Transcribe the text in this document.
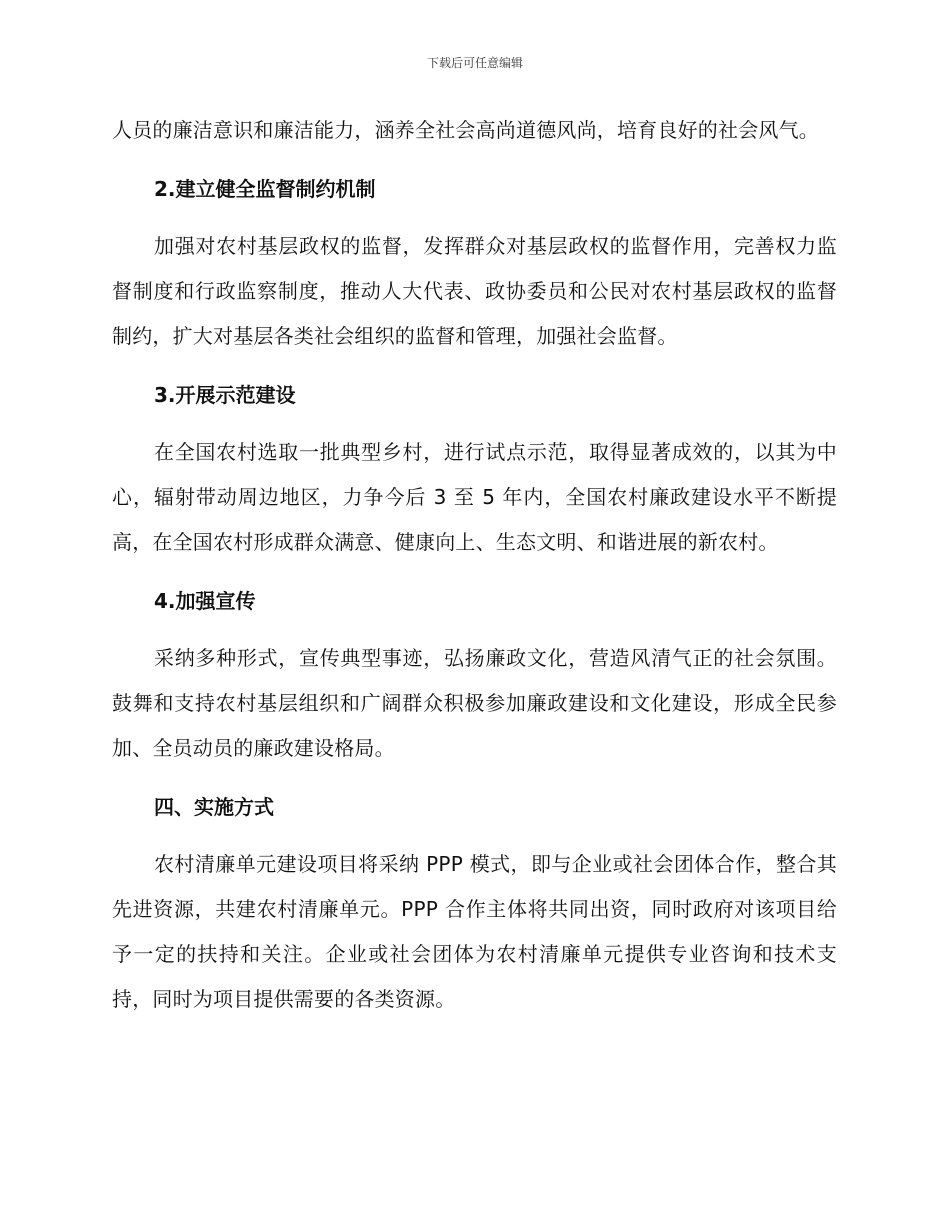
下载后可任意编辑

人员的廉洁意识和廉洁能力，涵养全社会高尚道德风尚，培育良好的社会风气。

2.建立健全监督制约机制

加强对农村基层政权的监督，发挥群众对基层政权的监督作用，完善权力监督制度和行政监察制度，推动人大代表、政协委员和公民对农村基层政权的监督制约，扩大对基层各类社会组织的监督和管理，加强社会监督。

3.开展示范建设

在全国农村选取一批典型乡村，进行试点示范，取得显著成效的，以其为中心，辐射带动周边地区，力争今后 3 至 5 年内，全国农村廉政建设水平不断提高，在全国农村形成群众满意、健康向上、生态文明、和谐进展的新农村。

4.加强宣传

采纳多种形式，宣传典型事迹，弘扬廉政文化，营造风清气正的社会氛围。鼓舞和支持农村基层组织和广阔群众积极参加廉政建设和文化建设，形成全民参加、全员动员的廉政建设格局。

四、实施方式

农村清廉单元建设项目将采纳 PPP 模式，即与企业或社会团体合作，整合其先进资源，共建农村清廉单元。PPP 合作主体将共同出资，同时政府对该项目给予一定的扶持和关注。企业或社会团体为农村清廉单元提供专业咨询和技术支持，同时为项目提供需要的各类资源。
